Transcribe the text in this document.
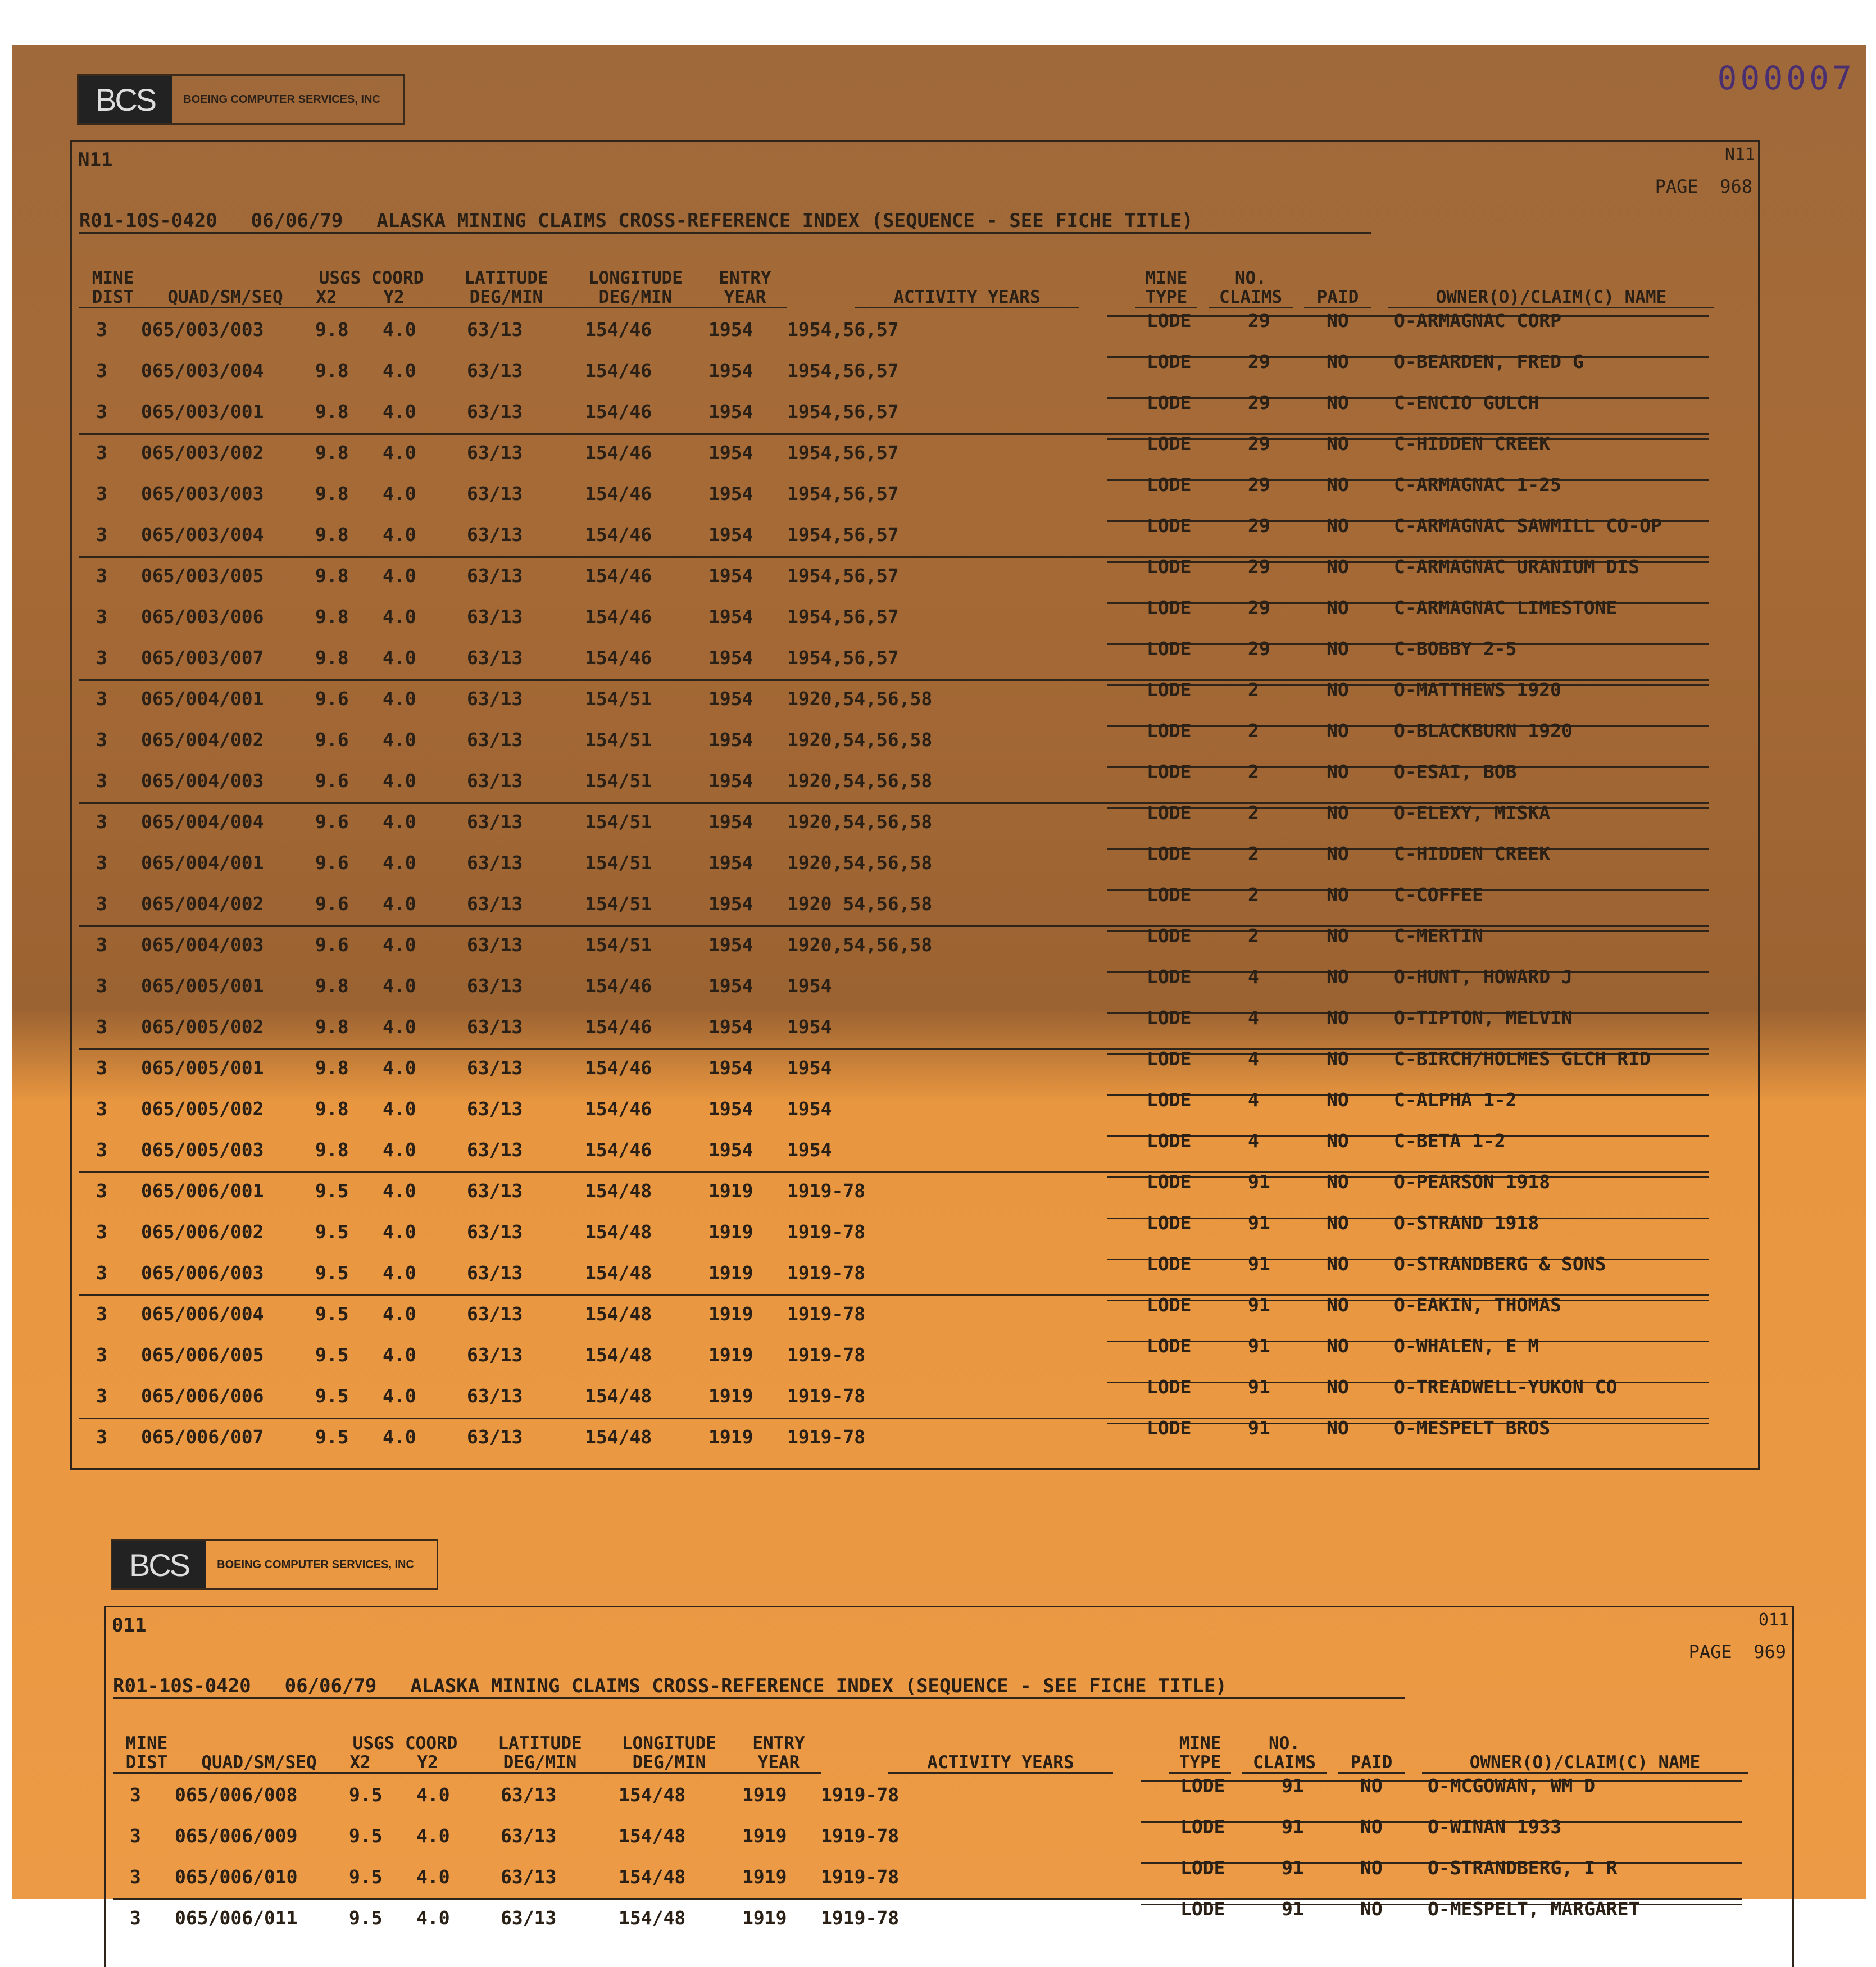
000007
BCS	BOEING COMPUTER SERVICES, INC
N11
N11
PAGE 968
R01-10S-0420 06/06/79 ALASKA MINING CLAIMS CROSS-REFERENCE INDEX (SEQUENCE - SEE FICHE TITLE)
MINE
DIST
	QUAD/SM/SEQ
USGS COORD

X2
	Y2
LATITUDE
DEG/MIN
LONGITUDE
DEG/MIN
ENTRY
YEAR
	ACTIVITY YEARS
MINE
TYPE
NO.
CLAIMS
	PAID
	OWNER(O)/CLAIM(C) NAME
3 065/003/003	9.8 4.0	63/13	154/46	1954 1954,56,57	LODE	29	NO O-ARMAGNAC CORP
3 065/003/004	9.8 4.0	63/13	154/46	1954 1954,56,57	LODE	29	NO O-BEARDEN, FRED G
3 065/003/001	9.8 4.0	63/13	154/46	1954 1954,56,57	LODE	29	NO C-ENCIO GULCH
3 065/003/002	9.8 4.0	63/13	154/46	1954 1954,56,57	LODE	29	NO C-HIDDEN CREEK
3 065/003/003	9.8 4.0	63/13	154/46	1954 1954,56,57	LODE	29	NO C-ARMAGNAC 1-25
3 065/003/004	9.8 4.0	63/13	154/46	1954 1954,56,57	LODE	29	NO C-ARMAGNAC SAWMILL CO-OP
3 065/003/005	9.8 4.0	63/13	154/46	1954 1954,56,57	LODE	29	NO C-ARMAGNAC URANIUM DIS
3 065/003/006	9.8 4.0	63/13	154/46	1954 1954,56,57	LODE	29	NO C-ARMAGNAC LIMESTONE
3 065/003/007	9.8 4.0	63/13	154/46	1954 1954,56,57	LODE	29	NO C-BOBBY 2-5
3 065/004/001	9.6 4.0	63/13	154/51	1954 1920,54,56,58	LODE	2	NO O-MATTHEWS 1920
3 065/004/002	9.6 4.0	63/13	154/51	1954 1920,54,56,58	LODE	2	NO O-BLACKBURN 1920
3 065/004/003	9.6 4.0	63/13	154/51	1954 1920,54,56,58	LODE	2	NO O-ESAI, BOB
3 065/004/004	9.6 4.0	63/13	154/51	1954 1920,54,56,58	LODE	2	NO O-ELEXY, MISKA
3 065/004/001	9.6 4.0	63/13	154/51	1954 1920,54,56,58	LODE	2	NO C-HIDDEN CREEK
3 065/004/002	9.6 4.0	63/13	154/51	1954 1920 54,56,58	LODE	2	NO C-COFFEE
3 065/004/003	9.6 4.0	63/13	154/51	1954 1920,54,56,58	LODE	2	NO C-MERTIN
3 065/005/001	9.8 4.0	63/13	154/46	1954 1954	LODE	4	NO O-HUNT, HOWARD J
3 065/005/002	9.8 4.0	63/13	154/46	1954 1954	LODE	4	NO O-TIPTON, MELVIN
3 065/005/001	9.8 4.0	63/13	154/46	1954 1954	LODE	4	NO C-BIRCH/HOLMES GLCH RID
3 065/005/002	9.8 4.0	63/13	154/46	1954 1954	LODE	4	NO C-ALPHA 1-2
3 065/005/003	9.8 4.0	63/13	154/46	1954 1954	LODE	4	NO C-BETA 1-2
3 065/006/001	9.5 4.0	63/13	154/48	1919 1919-78	LODE	91	NO O-PEARSON 1918
3 065/006/002	9.5 4.0	63/13	154/48	1919 1919-78	LODE	91	NO O-STRAND 1918
3 065/006/003	9.5 4.0	63/13	154/48	1919 1919-78	LODE	91	NO O-STRANDBERG & SONS
3 065/006/004	9.5 4.0	63/13	154/48	1919 1919-78	LODE	91	NO O-EAKIN, THOMAS
3 065/006/005	9.5 4.0	63/13	154/48	1919 1919-78	LODE	91	NO O-WHALEN, E M
3 065/006/006	9.5 4.0	63/13	154/48	1919 1919-78	LODE	91	NO O-TREADWELL-YUKON CO
3 065/006/007	9.5 4.0	63/13	154/48	1919 1919-78	LODE	91	NO O-MESPELT BROS
BCS	BOEING COMPUTER SERVICES, INC
011
011
PAGE 969
R01-10S-0420 06/06/79 ALASKA MINING CLAIMS CROSS-REFERENCE INDEX (SEQUENCE - SEE FICHE TITLE)
MINE
DIST
	QUAD/SM/SEQ
USGS COORD

X2
	Y2
LATITUDE
DEG/MIN
LONGITUDE
DEG/MIN
ENTRY
YEAR
	ACTIVITY YEARS
MINE
TYPE
NO.
CLAIMS
	PAID
	OWNER(O)/CLAIM(C) NAME
3 065/006/008	9.5 4.0	63/13	154/48	1919 1919-78	LODE	91	NO O-MCGOWAN, WM D
3 065/006/009	9.5 4.0	63/13	154/48	1919 1919-78	LODE	91	NO O-WINAN 1933
3 065/006/010	9.5 4.0	63/13	154/48	1919 1919-78	LODE	91	NO O-STRANDBERG, I R
3 065/006/011	9.5 4.0	63/13	154/48	1919 1919-78	LODE	91	NO O-MESPELT, MARGARET
